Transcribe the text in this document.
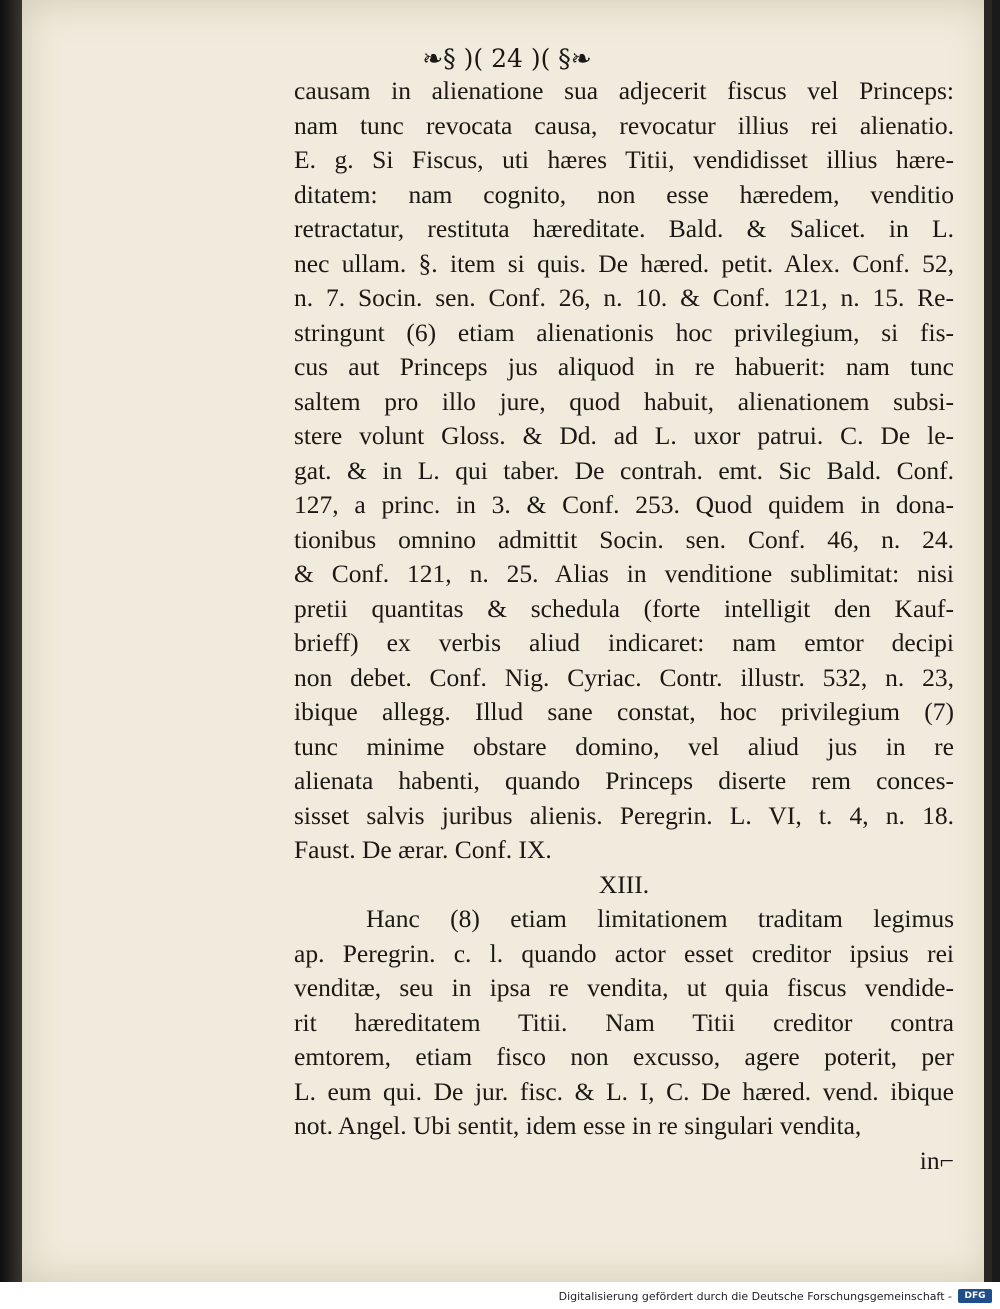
❧§ )( 24 )( §❧
causam in alienatione sua adjecerit fiscus vel Princeps:
nam tunc revocata causa, revocatur illius rei alienatio.
E. g. Si Fiscus, uti hæres Titii, vendidisset illius hære-
ditatem: nam cognito, non esse hæredem, venditio
retractatur, restituta hæreditate. Bald. & Salicet. in L.
nec ullam. §. item si quis. De hæred. petit. Alex. Conf. 52,
n. 7. Socin. sen. Conf. 26, n. 10. & Conf. 121, n. 15. Re-
stringunt (6) etiam alienationis hoc privilegium, si fis-
cus aut Princeps jus aliquod in re habuerit: nam tunc
saltem pro illo jure, quod habuit, alienationem subsi-
stere volunt Gloss. & Dd. ad L. uxor patrui. C. De le-
gat. & in L. qui taber. De contrah. emt. Sic Bald. Conf.
127, a princ. in 3. & Conf. 253. Quod quidem in dona-
tionibus omnino admittit Socin. sen. Conf. 46, n. 24.
& Conf. 121, n. 25. Alias in venditione sublimitat: nisi
pretii quantitas & schedula (forte intelligit den Kauf-
brieff) ex verbis aliud indicaret: nam emtor decipi
non debet. Conf. Nig. Cyriac. Contr. illustr. 532, n. 23,
ibique allegg. Illud sane constat, hoc privilegium (7)
tunc minime obstare domino, vel aliud jus in re
alienata habenti, quando Princeps diserte rem conces-
sisset salvis juribus alienis. Peregrin. L. VI, t. 4, n. 18.
Faust. De ærar. Conf. IX.
XIII.
Hanc (8) etiam limitationem traditam legimus
ap. Peregrin. c. l. quando actor esset creditor ipsius rei
venditæ, seu in ipsa re vendita, ut quia fiscus vendide-
rit hæreditatem Titii. Nam Titii creditor contra
emtorem, etiam fisco non excusso, agere poterit, per
L. eum qui. De jur. fisc. & L. I, C. De hæred. vend. ibique
not. Angel. Ubi sentit, idem esse in re singulari vendita,
in⌐
Digitalisierung gefördert durch die Deutsche Forschungsgemeinschaft -	DFG
